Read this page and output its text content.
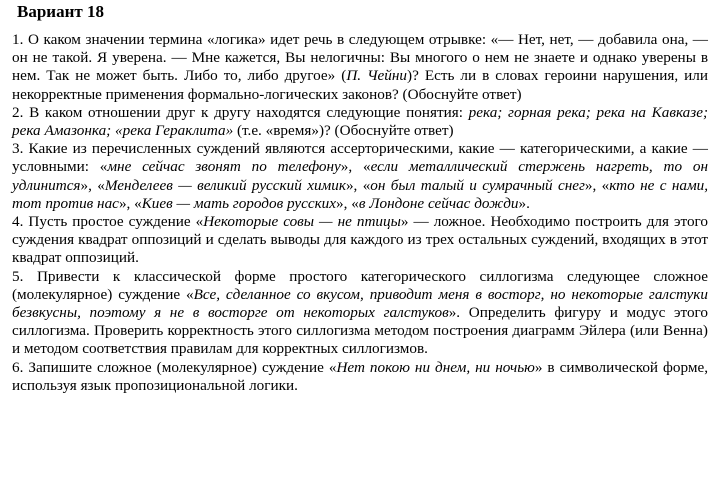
Вариант 18

1. О каком значении термина «логика» идет речь в следующем отрывке: «— Нет, нет, — добавила она, — он не такой. Я уверена. — Мне кажется, Вы нелогичны: Вы многого о нем не знаете и однако уверены в нем. Так не может быть. Либо то, либо другое» (П. Чейни)? Есть ли в словах героини нарушения, или некорректные применения формально-логических законов? (Обоснуйте ответ)

2. В каком отношении друг к другу находятся следующие понятия: река; горная река; река на Кавказе; река Амазонка; «река Гераклита» (т.е. «время»)? (Обоснуйте ответ)

3. Какие из перечисленных суждений являются ассерторическими, какие — категорическими, а какие — условными: «мне сейчас звонят по телефону», «если металлический стержень нагреть, то он удлинится», «Менделеев — великий русский химик», «он был талый и сумрачный снег», «кто не с нами, тот против нас», «Киев — мать городов русских», «в Лондоне сейчас дожди».

4. Пусть простое суждение «Некоторые совы — не птицы» — ложное. Необходимо построить для этого суждения квадрат оппозиций и сделать выводы для каждого из трех остальных суждений, входящих в этот квадрат оппозиций.

5. Привести к классической форме простого категорического силлогизма следующее сложное (молекулярное) суждение «Все, сделанное со вкусом, приводит меня в восторг, но некоторые галстуки безвкусны, поэтому я не в восторге от некоторых галстуков». Определить фигуру и модус этого силлогизма. Проверить корректность этого силлогизма методом построения диаграмм Эйлера (или Венна) и методом соответствия правилам для корректных силлогизмов.

6. Запишите сложное (молекулярное) суждение «Нет покою ни днем, ни ночью» в символической форме, используя язык пропозициональной логики.
